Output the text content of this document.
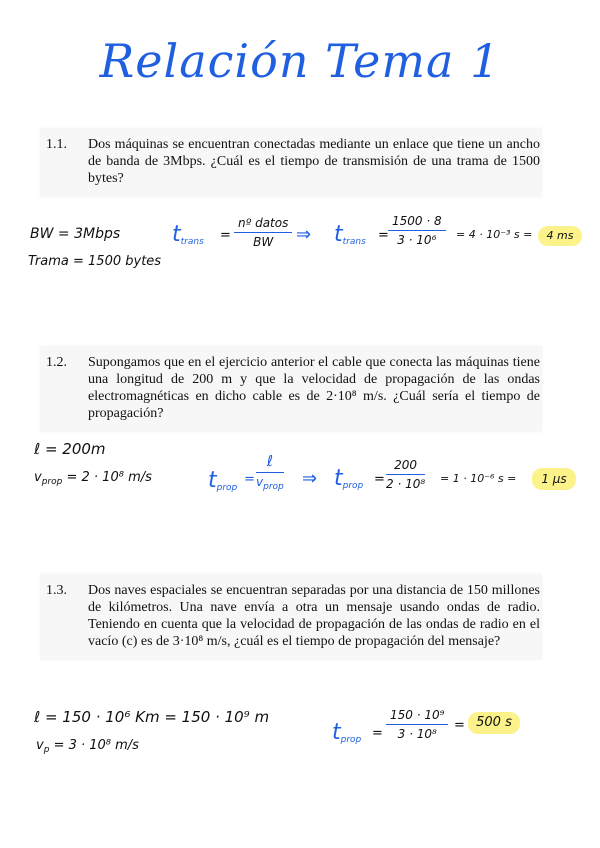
Relación Tema 1
1.1. Dos máquinas se encuentran conectadas mediante un enlace que tiene un ancho de banda de 3Mbps. ¿Cuál es el tiempo de transmisión de una trama de 1500 bytes?
BW = 3Mbps
Trama = 1500 bytes
$t_{trans}$ =
nº datos
BW	⇒ $t_{trans} = \frac{1500 \cdot 8}{\text{3 · 10⁶}} = 4 \cdot 10^{-3}$ s =	4 ms
1.2. Supongamos que en el ejercicio anterior el cable que conecta las máquinas tiene una longitud de 200 m y que la velocidad de propagación de las ondas electromagnéticas en dicho cable es de 2·10⁸ m/s. ¿Cuál sería el tiempo de propagación?
ℓ = 200m
$v_{prop} = 2 \cdot 10^8$ m/s	$t_{prop}$
=
ℓ
$v_{prop}$ ⇒ $t_{prop} = \frac{200}{\text{2 · 10⁸}} = 1 \cdot 10^{-6}$ s =	1 µs
1.3. Dos naves espaciales se encuentran separadas por una distancia de 150 millones de kilómetros. Una nave envía a otra un mensaje usando ondas de radio. Teniendo en cuenta que la velocidad de propagación de las ondas de radio en el vacío (c) es de 3·10⁸ m/s, ¿cuál es el tiempo de propagación del mensaje?
ℓ = 150 · 10⁶ Km = 150 · 10⁹ m
$v_p = 3 \cdot 10^8$ m/s
$t_{prop} = \frac{\text{150 · 10⁹}}{\text{3 · 10⁸}} = 500$ s
